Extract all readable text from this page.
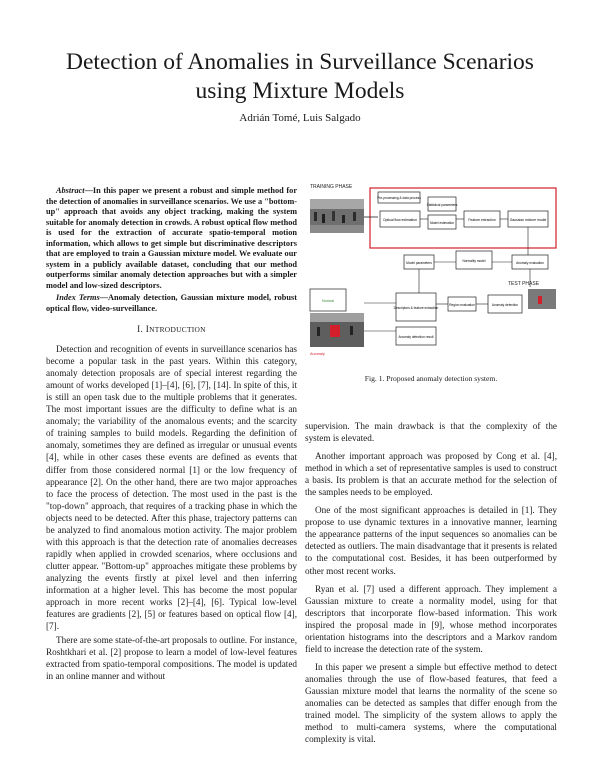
Detection of Anomalies in Surveillance Scenarios using Mixture Models

Adrián Tomé, Luis Salgado

Abstract—In this paper we present a robust and simple method for the detection of anomalies in surveillance scenarios. We use a "bottom-up" approach that avoids any object tracking, making the system suitable for anomaly detection in crowds. A robust optical flow method is used for the extraction of accurate spatio-temporal motion information, which allows to get simple but discriminative descriptors that are employed to train a Gaussian mixture model. We evaluate our system in a publicly available dataset, concluding that our method outperforms similar anomaly detection approaches but with a simpler model and low-sized descriptors.

Index Terms—Anomaly detection, Gaussian mixture model, robust optical flow, video-surveillance.

I. INTRODUCTION

Detection and recognition of events in surveillance scenarios has become a popular task in the past years. Within this category, anomaly detection proposals are of special interest regarding the amount of works developed [1]–[4], [6], [7], [14]. In spite of this, it is still an open task due to the multiple problems that it generates. The most important issues are the difficulty to define what is an anomaly; the variability of the anomalous events; and the scarcity of training samples to build models. Regarding the definition of anomaly, sometimes they are defined as irregular or unusual events [4], while in other cases these events are defined as events that differ from those considered normal [1] or the low frequency of appearance [2]. On the other hand, there are two major approaches to face the process of detection. The most used in the past is the "top-down" approach, that requires of a tracking phase in which the objects need to be detected. After this phase, trajectory patterns can be analyzed to find anomalous motion activity. The major problem with this approach is that the detection rate of anomalies decreases rapidly when applied in crowded scenarios, where occlusions and clutter appear. "Bottom-up" approaches mitigate these problems by analyzing the events firstly at pixel level and then inferring information at a higher level. This has become the most popular approach in more recent works [2]–[4], [6]. Typical low-level features are gradients [2], [5] or features based on optical flow [4], [7].

There are some state-of-the-art proposals to outline. For instance, Roshtkhari et al. [2] propose to learn a model of low-level features extracted from spatio-temporal compositions. The model is updated in an online manner and without

TRAINING PHASE
Pre-processing & data process
Optical flow estimation
Statistical parameters
Model estimation
Feature extraction	Gaussian mixture model
Model parameters	Normality model	Anomaly evaluation
TEST PHASE
Normal
Anomaly
Descriptors & feature extraction
Anomaly detection result
Region evaluation	Anomaly detection

Fig. 1. Proposed anomaly detection system.

supervision. The main drawback is that the complexity of the system is elevated.

Another important approach was proposed by Cong et al. [4], method in which a set of representative samples is used to construct a basis. Its problem is that an accurate method for the selection of the samples needs to be employed.

One of the most significant approaches is detailed in [1]. They propose to use dynamic textures in a innovative manner, learning the appearance patterns of the input sequences so anomalies can be detected as outliers. The main disadvantage that it presents is related to the computational cost. Besides, it has been outperformed by other most recent works.

Ryan et al. [7] used a different approach. They implement a Gaussian mixture to create a normality model, using for that descriptors that incorporate flow-based information. This work inspired the proposal made in [9], whose method incorporates orientation histograms into the descriptors and a Markov random field to increase the detection rate of the system.

In this paper we present a simple but effective method to detect anomalies through the use of flow-based features, that feed a Gaussian mixture model that learns the normality of the scene so anomalies can be detected as samples that differ enough from the trained model. The simplicity of the system allows to apply the method to multi-camera systems, where the computational complexity is vital.
